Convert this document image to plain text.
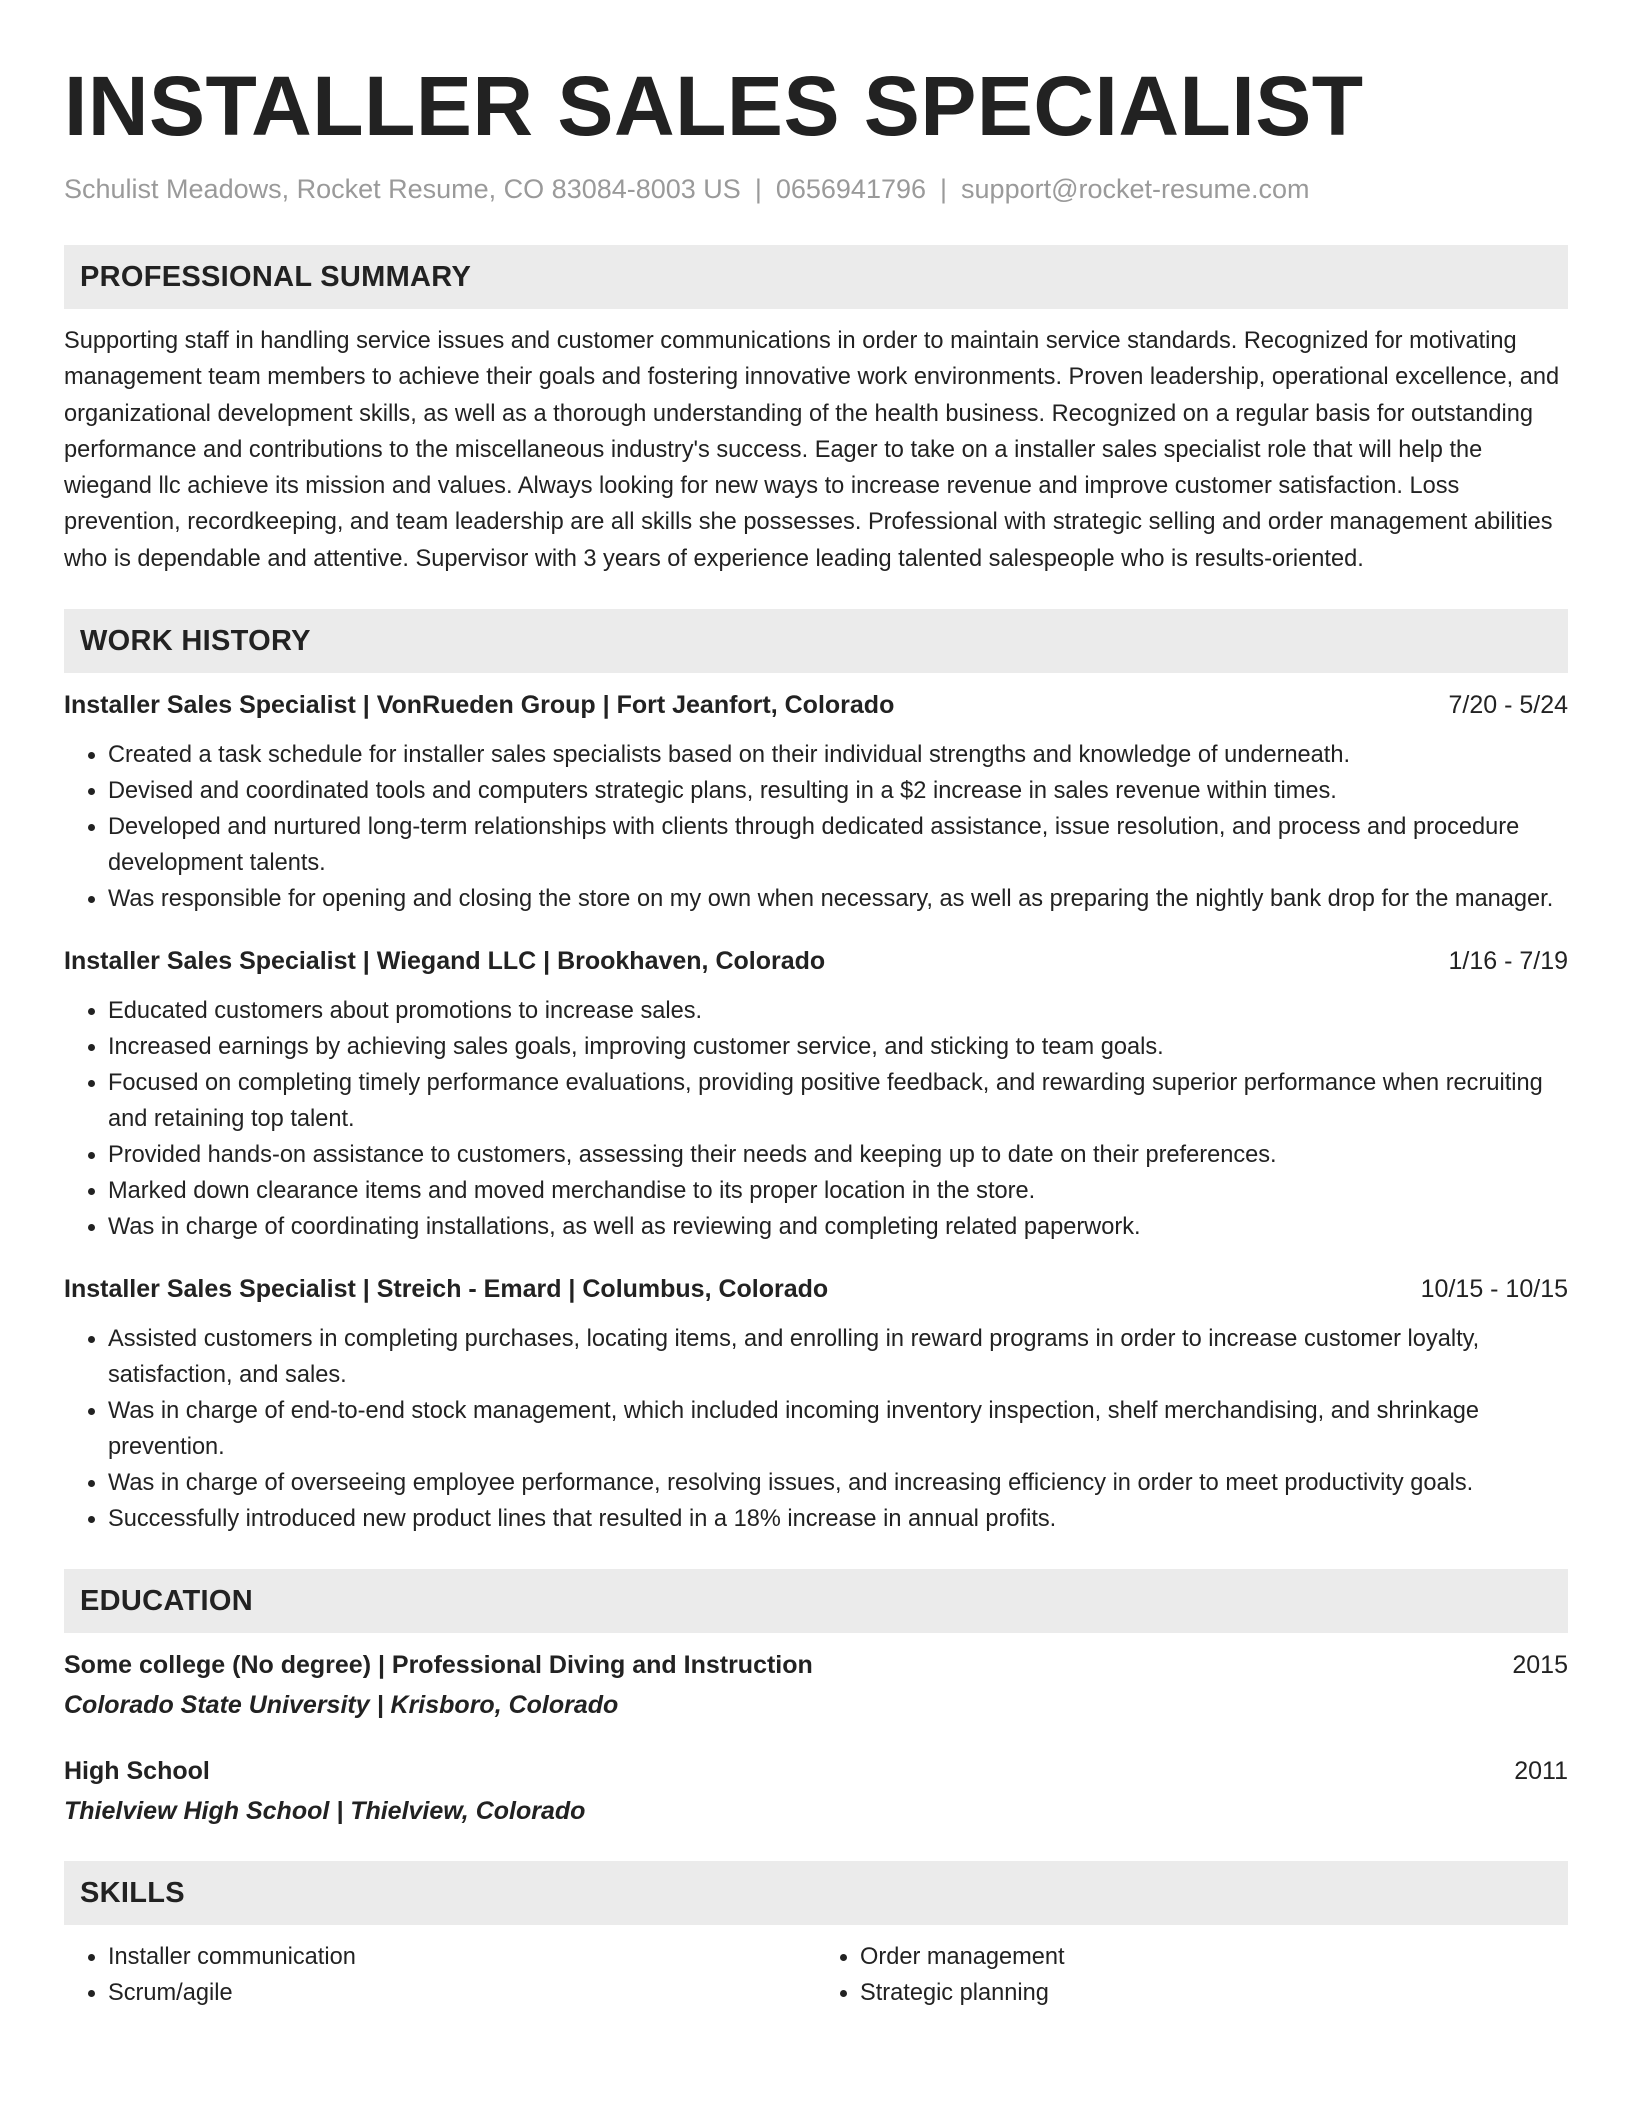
INSTALLER SALES SPECIALIST
Schulist Meadows, Rocket Resume, CO 83084-8003 US | 0656941796 | support@rocket-resume.com
PROFESSIONAL SUMMARY
Supporting staff in handling service issues and customer communications in order to maintain service standards. Recognized for motivating management team members to achieve their goals and fostering innovative work environments. Proven leadership, operational excellence, and organizational development skills, as well as a thorough understanding of the health business. Recognized on a regular basis for outstanding performance and contributions to the miscellaneous industry's success. Eager to take on a installer sales specialist role that will help the wiegand llc achieve its mission and values. Always looking for new ways to increase revenue and improve customer satisfaction. Loss prevention, recordkeeping, and team leadership are all skills she possesses. Professional with strategic selling and order management abilities who is dependable and attentive. Supervisor with 3 years of experience leading talented salespeople who is results-oriented.
WORK HISTORY
Installer Sales Specialist | VonRueden Group | Fort Jeanfort, Colorado	7/20 - 5/24
• Created a task schedule for installer sales specialists based on their individual strengths and knowledge of underneath.
• Devised and coordinated tools and computers strategic plans, resulting in a $2 increase in sales revenue within times.
• Developed and nurtured long-term relationships with clients through dedicated assistance, issue resolution, and process and procedure development talents.
• Was responsible for opening and closing the store on my own when necessary, as well as preparing the nightly bank drop for the manager.
Installer Sales Specialist | Wiegand LLC | Brookhaven, Colorado	1/16 - 7/19
• Educated customers about promotions to increase sales.
• Increased earnings by achieving sales goals, improving customer service, and sticking to team goals.
• Focused on completing timely performance evaluations, providing positive feedback, and rewarding superior performance when recruiting and retaining top talent.
• Provided hands-on assistance to customers, assessing their needs and keeping up to date on their preferences.
• Marked down clearance items and moved merchandise to its proper location in the store.
• Was in charge of coordinating installations, as well as reviewing and completing related paperwork.
Installer Sales Specialist | Streich - Emard | Columbus, Colorado	10/15 - 10/15
• Assisted customers in completing purchases, locating items, and enrolling in reward programs in order to increase customer loyalty, satisfaction, and sales.
• Was in charge of end-to-end stock management, which included incoming inventory inspection, shelf merchandising, and shrinkage prevention.
• Was in charge of overseeing employee performance, resolving issues, and increasing efficiency in order to meet productivity goals.
• Successfully introduced new product lines that resulted in a 18% increase in annual profits.
EDUCATION
Some college (No degree) | Professional Diving and Instruction	2015
Colorado State University | Krisboro, Colorado
High School	2011
Thielview High School | Thielview, Colorado
SKILLS
• Installer communication
• Scrum/agile
• Order management
• Strategic planning
